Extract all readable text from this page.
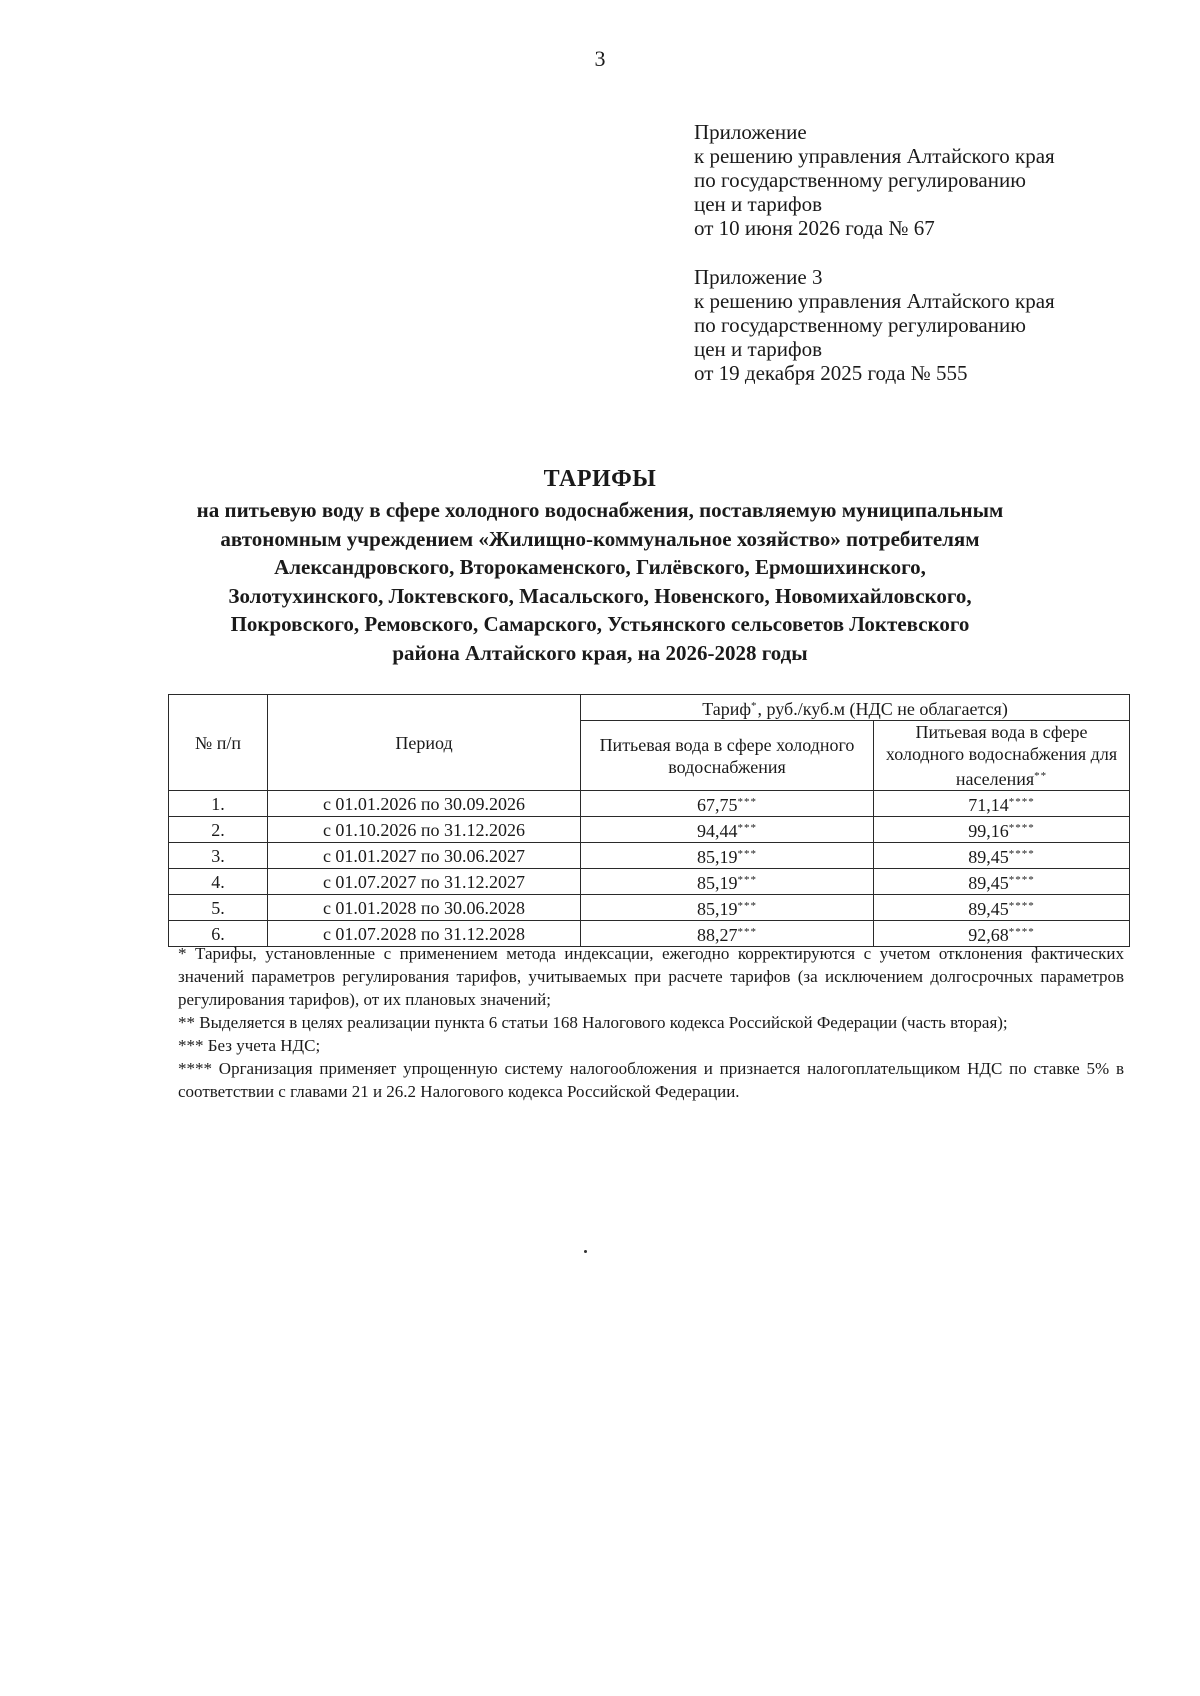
3
Приложение
к решению управления Алтайского края
по государственному регулированию
цен и тарифов
от 10 июня 2026 года № 67
Приложение 3
к решению управления Алтайского края
по государственному регулированию
цен и тарифов
от 19 декабря 2025 года № 555
ТАРИФЫ
на питьевую воду в сфере холодного водоснабжения, поставляемую муниципальным
автономным учреждением «Жилищно-коммунальное хозяйство» потребителям
Александровского, Второкаменского, Гилёвского, Ермошихинского,
Золотухинского, Локтевского, Масальского, Новенского, Новомихайловского,
Покровского, Ремовского, Самарского, Устьянского сельсоветов Локтевского
района Алтайского края, на 2026-2028 годы
№ п/п	Период	Тариф*, руб./куб.м (НДС не облагается)	
		Питьевая вода в сфере холодного водоснабжения	Питьевая вода в сфере холодного водоснабжения для населения**
1.	с 01.01.2026 по 30.09.2026	67,75***	71,14****
2.	с 01.10.2026 по 31.12.2026	94,44***	99,16****
3.	с 01.01.2027 по 30.06.2027	85,19***	89,45****
4.	с 01.07.2027 по 31.12.2027	85,19***	89,45****
5.	с 01.01.2028 по 30.06.2028	85,19***	89,45****
6.	с 01.07.2028 по 31.12.2028	88,27***	92,68****

* Тарифы, установленные с применением метода индексации, ежегодно корректируются с учетом отклонения фактических значений параметров регулирования тарифов, учитываемых при расчете тарифов (за исключением долгосрочных параметров регулирования тарифов), от их плановых значений;

** Выделяется в целях реализации пункта 6 статьи 168 Налогового кодекса Российской Федерации (часть вторая);

*** Без учета НДС;

**** Организация применяет упрощенную систему налогообложения и признается налогоплательщиком НДС по ставке 5% в соответствии с главами 21 и 26.2 Налогового кодекса Российской Федерации.
